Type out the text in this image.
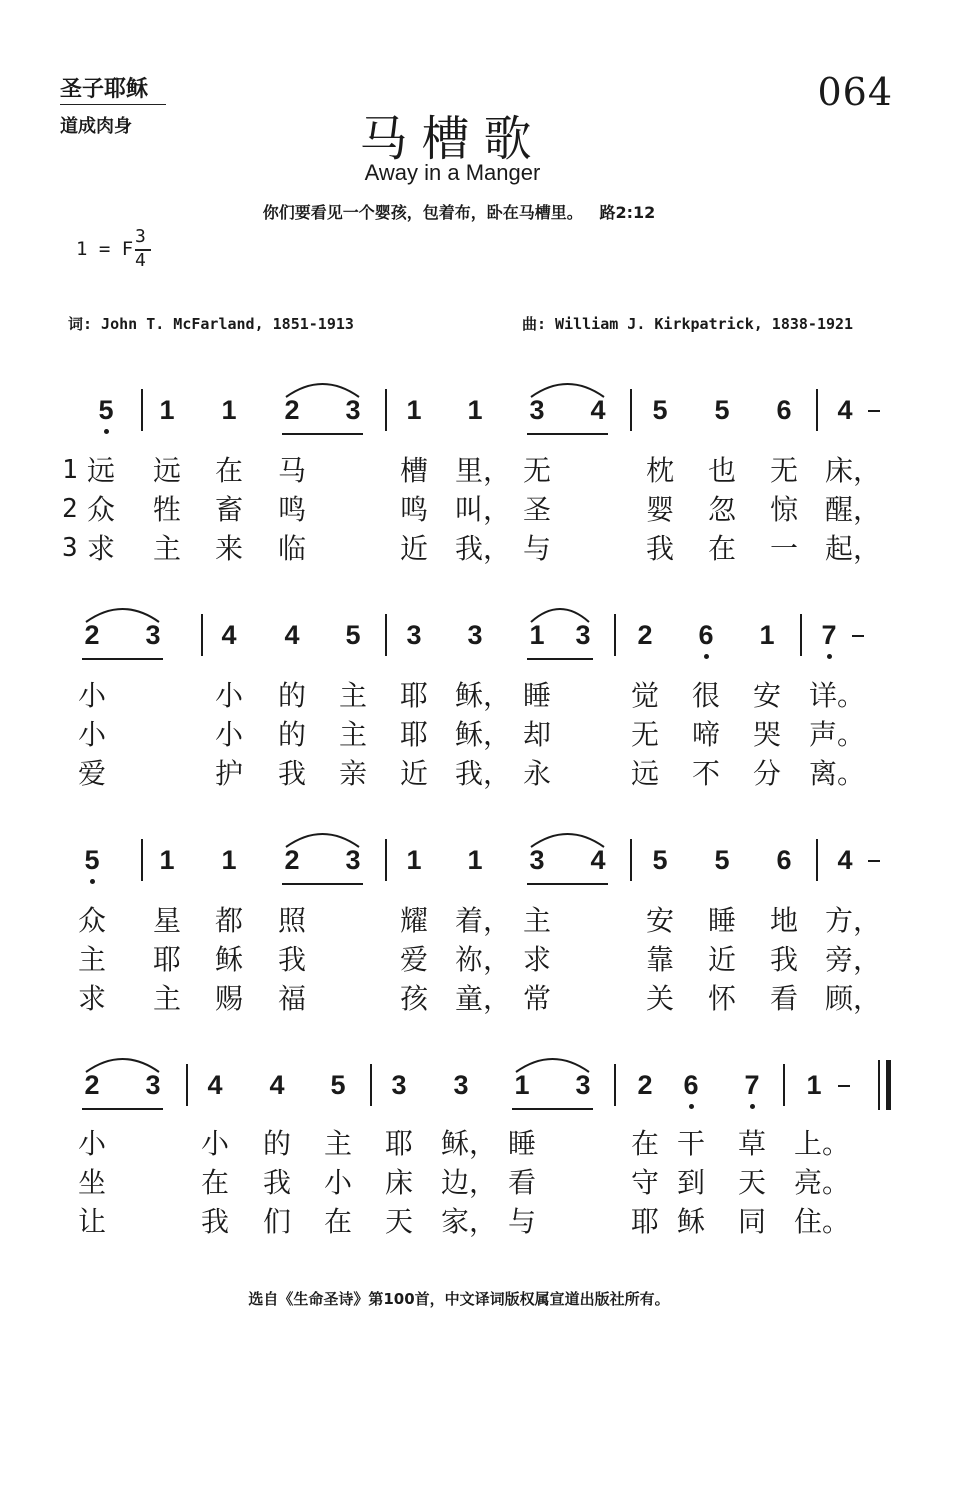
圣子耶稣
道成肉身
064
马槽歌
Away in a Manger
你们要看见一个婴孩，包着布，卧在马槽里。   路2:12
1 = F
3
4
词: John T. McFarland, 1851-1913	曲: William J. Kirkpatrick, 1838-1921
5	1	1	2	3	1	1	3	4	5	5	6	4
1
2
3
远 远 在 马	槽 里， 无	枕 也 无 床，
众 牲 畜 鸣	鸣 叫， 圣	婴 忽 惊 醒，
求 主 来 临	近 我， 与	我 在 一 起，
2	3	4	4	5	3	3	1	3	2	6	1	7
小	小 的 主 耶 稣， 睡	觉 很 安 详。
小	小 的 主 耶 稣， 却	无 啼 哭 声。
爱	护 我 亲 近 我， 永	远 不 分 离。
5	1	1	2	3	1	1	3	4	5	5	6	4
众 星 都 照	耀 着， 主	安 睡 地 方，
主 耶 稣 我	爱 祢， 求	靠 近 我 旁，
求 主 赐 福	孩 童， 常	关 怀 看 顾，
2	3	4	4	5	3	3	1	3	2	6	7	1
小	小 的 主 耶 稣， 睡	在 干 草 上。
坐	在 我 小 床 边， 看	守 到 天 亮。
让	我 们 在 天 家， 与	耶 稣 同 住。
选自《生命圣诗》第100首，中文译词版权属宣道出版社所有。
